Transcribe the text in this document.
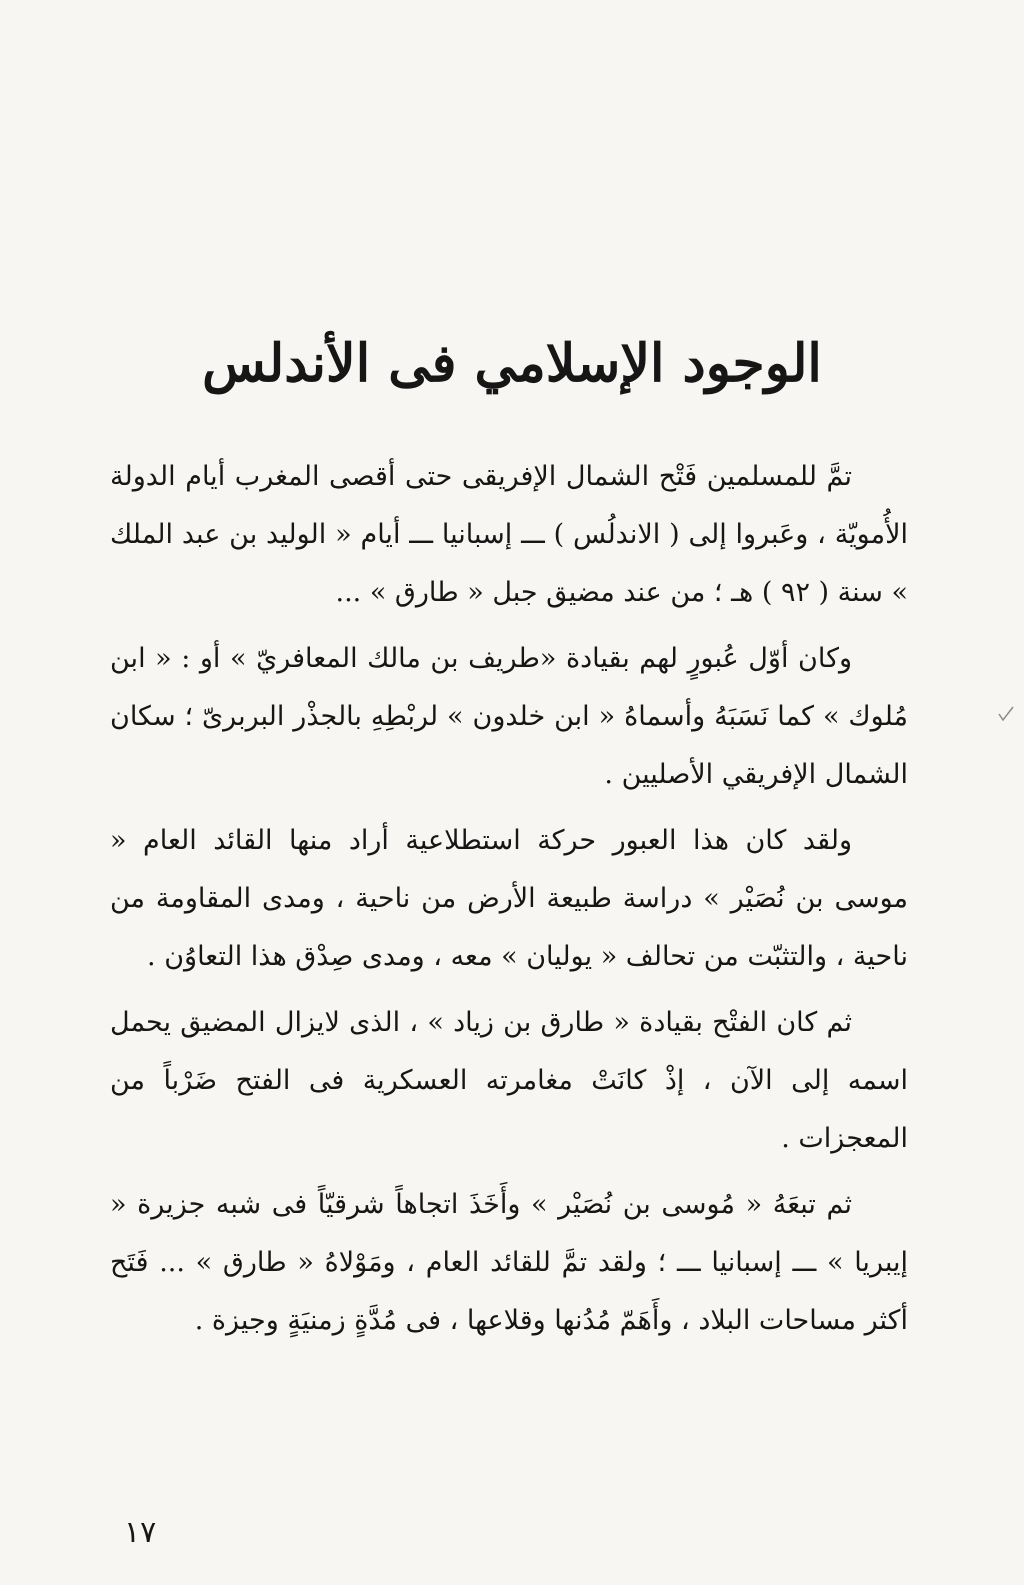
الوجود الإسلامي فى الأندلس

تمَّ للمسلمين فَتْح الشمال الإفريقى حتى أقصى المغرب أيام الدولة الأُمويّة ، وعَبروا إلى ( الاندلُس ) ـــ إسبانيا ـــ أيام « الوليد بن عبد الملك » سنة ( ٩٢ ) هـ ؛ من عند مضيق جبل « طارق » ...

وكان أوّل عُبورٍ لهم بقيادة «طريف بن مالك المعافريّ » أو : « ابن مُلوك » كما نَسَبَهُ وأسماهُ « ابن خلدون » لربْطِهِ بالجذْر البربرىّ ؛ سكان الشمال الإفريقي الأصليين .

ولقد كان هذا العبور حركة استطلاعية أراد منها القائد العام « موسى بن نُصَيْر » دراسة طبيعة الأرض من ناحية ، ومدى المقاومة من ناحية ، والتثبّت من تحالف « يوليان » معه ، ومدى صِدْق هذا التعاوُن .

ثم كان الفتْح بقيادة « طارق بن زياد » ، الذى لايزال المضيق يحمل اسمه إلى الآن ، إذْ كانَتْ مغامرته العسكرية فى الفتح ضَرْباً من المعجزات .

ثم تبعَهُ « مُوسى بن نُصَيْر » وأَخَذَ اتجاهاً شرقيّاً فى شبه جزيرة « إيبريا » ـــ إسبانيا ـــ ؛ ولقد تمَّ للقائد العام ، ومَوْلاهُ « طارق » ... فَتَح أكثر مساحات البلاد ، وأَهَمّ مُدُنها وقلاعها ، فى مُدَّةٍ زمنيَةٍ وجيزة .

١٧
